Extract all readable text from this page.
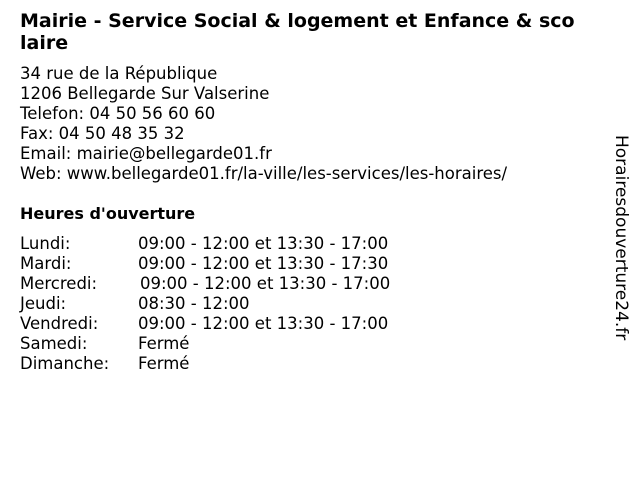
Mairie - Service Social & logement et Enfance & scolaire
34 rue de la République
1206 Bellegarde Sur Valserine
Telefon: 04 50 56 60 60
Fax: 04 50 48 35 32
Email: mairie@bellegarde01.fr
Web: www.bellegarde01.fr/la-ville/les-services/les-horaires/
Heures d'ouverture
Lundi:	09:00 - 12:00 et 13:30 - 17:00
Mardi:	09:00 - 12:00 et 13:30 - 17:30
Mercredi:	09:00 - 12:00 et 13:30 - 17:00
Jeudi:	08:30 - 12:00
Vendredi: 09:00 - 12:00 et 13:30 - 17:00
Samedi:	Fermé
Dimanche: Fermé
Horairesdouverture24.fr
